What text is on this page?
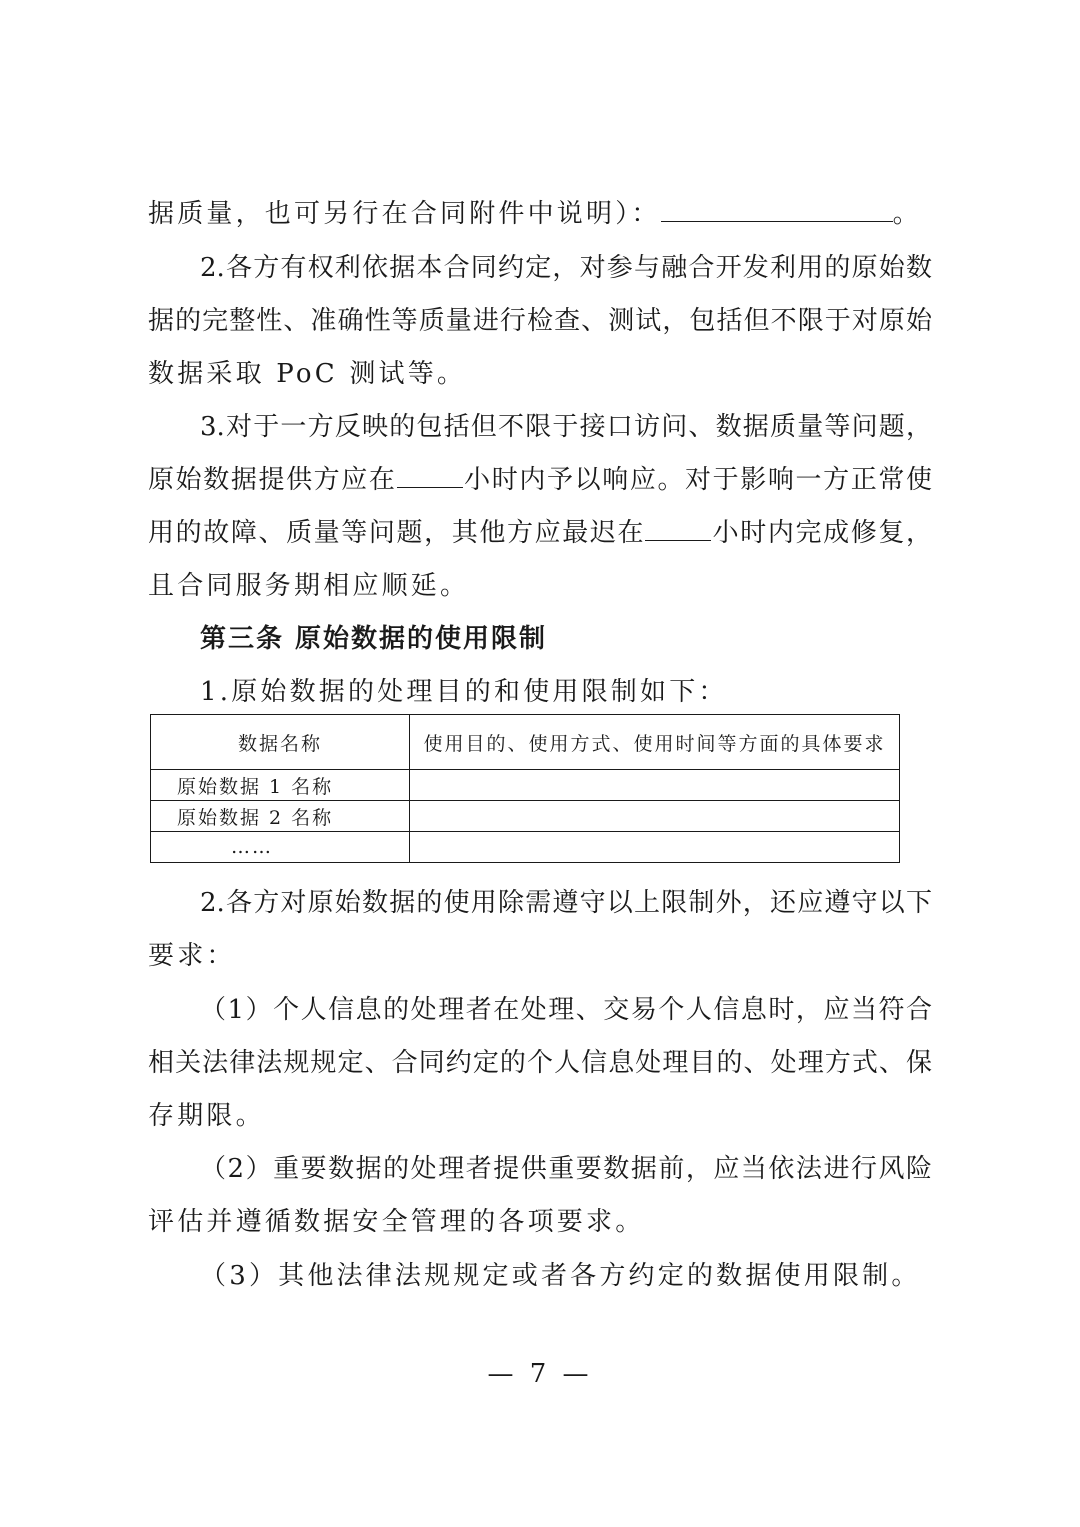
据质量，也可另行在合同附件中说明）：	。
2.各方有权利依据本合同约定，对参与融合开发利用的原始数
据的完整性、准确性等质量进行检查、测试，包括但不限于对原始
数据采取 PoC 测试等。
3.对于一方反映的包括但不限于接口访问、数据质量等问题，
原始数据提供方应在	小时内予以响应。对于影响一方正常使
用的故障、质量等问题，其他方应最迟在	小时内完成修复，
且合同服务期相应顺延。
第三条 原始数据的使用限制
1.原始数据的处理目的和使用限制如下：
数据名称	使用目的、使用方式、使用时间等方面的具体要求
原始数据 1 名称	
原始数据 2 名称	
……	
2.各方对原始数据的使用除需遵守以上限制外，还应遵守以下
要求：
（1）个人信息的处理者在处理、交易个人信息时，应当符合
相关法律法规规定、合同约定的个人信息处理目的、处理方式、保
存期限。
（2）重要数据的处理者提供重要数据前，应当依法进行风险
评估并遵循数据安全管理的各项要求。
（3）其他法律法规规定或者各方约定的数据使用限制。
— 7 —
